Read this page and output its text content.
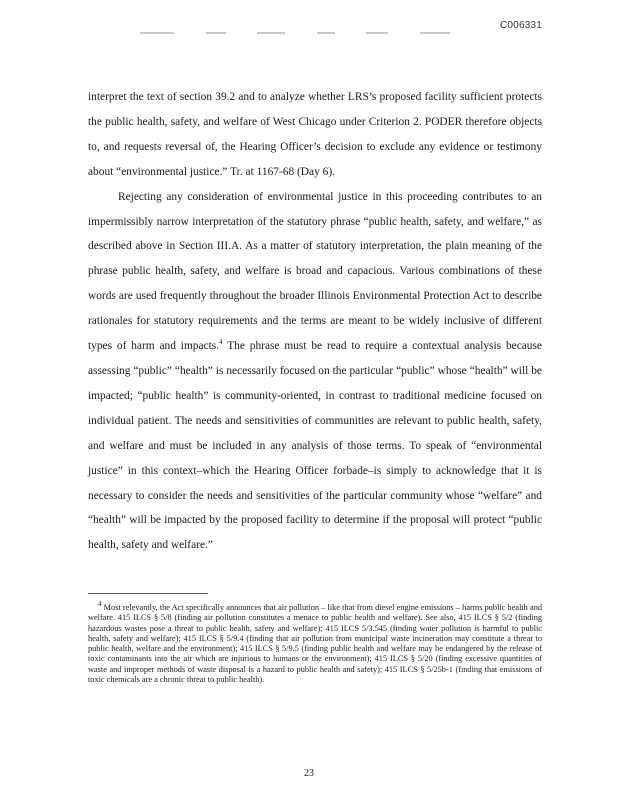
C006331

interpret the text of section 39.2 and to analyze whether LRS’s proposed facility sufficient protects the public health, safety, and welfare of West Chicago under Criterion 2. PODER therefore objects to, and requests reversal of, the Hearing Officer’s decision to exclude any evidence or testimony about “environmental justice.” Tr. at 1167-68 (Day 6).

Rejecting any consideration of environmental justice in this proceeding contributes to an impermissibly narrow interpretation of the statutory phrase “public health, safety, and welfare,” as described above in Section III.A. As a matter of statutory interpretation, the plain meaning of the phrase public health, safety, and welfare is broad and capacious. Various combinations of these words are used frequently throughout the broader Illinois Environmental Protection Act to describe rationales for statutory requirements and the terms are meant to be widely inclusive of different types of harm and impacts.$^4$ The phrase must be read to require a contextual analysis because assessing “public” “health” is necessarily focused on the particular “public” whose “health” will be impacted; “public health” is community-oriented, in contrast to traditional medicine focused on individual patient. The needs and sensitivities of communities are relevant to public health, safety, and welfare and must be included in any analysis of those terms. To speak of “environmental justice” in this context–which the Hearing Officer forbade–is simply to acknowledge that it is necessary to consider the needs and sensitivities of the particular community whose “welfare” and “health” will be impacted by the proposed facility to determine if the proposal will protect “public health, safety and welfare.”

$^4$ Most relevantly, the Act specifically announces that air pollution – like that from diesel engine emissions – harms public health and welfare. 415 ILCS § 5/8 (finding air pollution constitutes a menace to public health and welfare). See also, 415 ILCS § 5/2 (finding hazardous wastes pose a threat to public health, safety and welfare); 415 ILCS 5/3.545 (finding water pollution is harmful to public health, safety and welfare); 415 ILCS § 5/9.4 (finding that air pollution from municipal waste incineration may constitute a threat to public health, welfare and the environment); 415 ILCS § 5/9.5 (finding public health and welfare may be endangered by the release of toxic contaminants into the air which are injurious to humans or the environment); 415 ILCS § 5/20 (finding excessive quantities of waste and improper methods of waste disposal is a hazard to public health and safety); 415 ILCS § 5/25b-1 (finding that emissions of toxic chemicals are a chronic threat to public health).
23
